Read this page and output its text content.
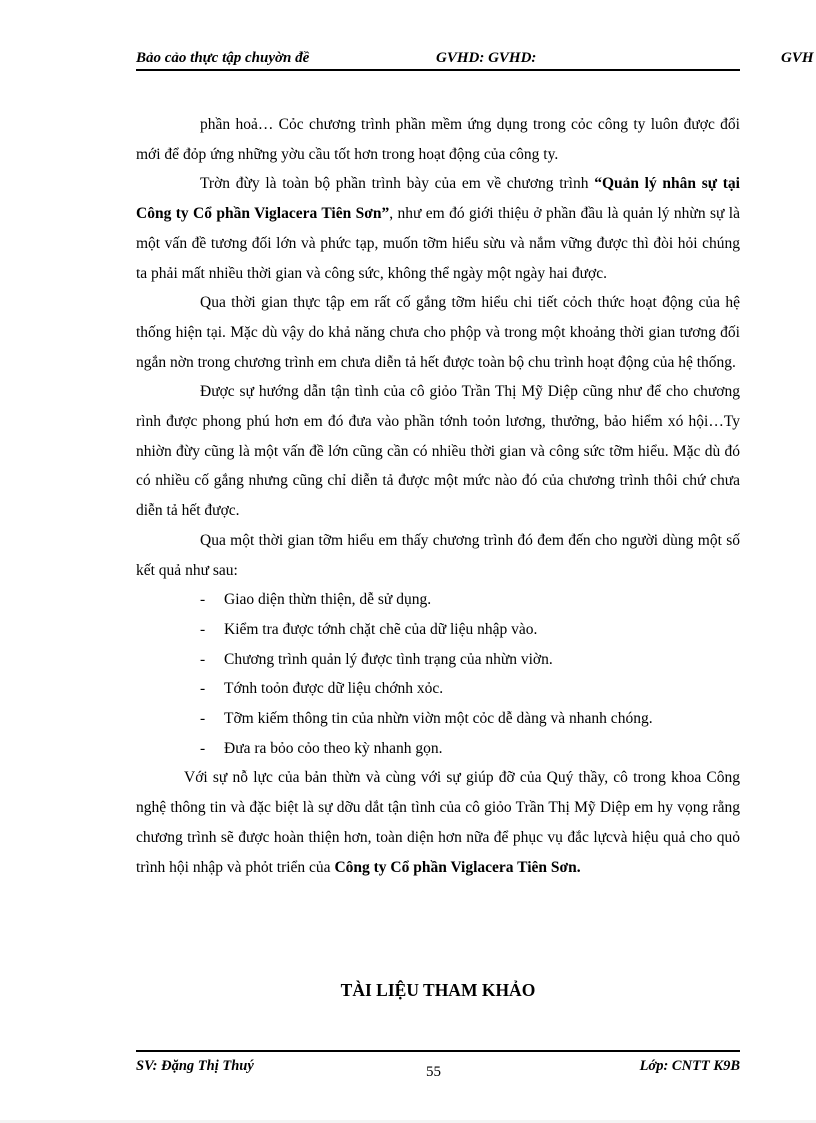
Bảo cảo thực tập chuyờn đề	GVHD: GVHD:	GVH

phần hoả… Cỏc chương trình phần mềm ứng dụng trong cỏc công ty luôn được đổi mới để đỏp ứng những yờu cầu tốt hơn trong hoạt động của công ty.

Trờn đừy là toàn bộ phần trình bày của em về chương trình “Quản lý nhân sự tại Công ty Cổ phần Viglacera Tiên Sơn”, như em đó giới thiệu ở phần đầu là quản lý nhừn sự là một vấn đề tương đối lớn và phức tạp, muốn tỡm hiểu sừu và nắm vững được thì đòi hỏi chúng ta phải mất nhiều thời gian và công sức, không thể ngày một ngày hai được.

Qua thời gian thực tập em rất cố gắng tỡm hiểu chi tiết cỏch thức hoạt động của hệ thống hiện tại. Mặc dù vậy do khả năng chưa cho phộp và trong một khoảng thời gian tương đối ngắn nờn trong chương trình em chưa diễn tả hết được toàn bộ chu trình hoạt động của hệ thống.

Được sự hướng dẫn tận tình của cô giỏo Trần Thị Mỹ Diệp cũng như để cho chương rình được phong phú hơn em đó đưa vào phần tớnh toỏn lương, thưởng, bảo hiểm xó hội…Ty nhiờn đừy cũng là một vấn đề lớn cũng cần có nhiều thời gian và công sức tỡm hiểu. Mặc dù đó có nhiều cố gắng nhưng cũng chỉ diễn tả được một mức nào đó của chương trình thôi chứ chưa diễn tả hết được.

Qua một thời gian tỡm hiểu em thấy chương trình đó đem đến cho người dùng một số kết quả như sau:

- Giao diện thừn thiện, dễ sử dụng.
- Kiểm tra được tớnh chặt chẽ của dữ liệu nhập vào.
- Chương trình quản lý được tình trạng của nhừn viờn.
- Tớnh toỏn được dữ liệu chớnh xỏc.
- Tỡm kiếm thông tin của nhừn viờn một cỏc dễ dàng và nhanh chóng.
- Đưa ra bỏo cỏo theo kỳ nhanh gọn.

Với sự nỗ lực của bản thừn và cùng với sự giúp đỡ của Quý thầy, cô trong khoa Công nghệ thông tin và đặc biệt là sự dỡu dắt tận tình của cô giỏo Trần Thị Mỹ Diệp em hy vọng rằng chương trình sẽ được hoàn thiện hơn, toàn diện hơn nữa để phục vụ đắc lựcvà hiệu quả cho quỏ trình hội nhập và phỏt triển của Công ty Cổ phần Viglacera Tiên Sơn.

TÀI LIỆU THAM KHẢO
SV: Đặng Thị Thuý	55	Lớp: CNTT K9B
